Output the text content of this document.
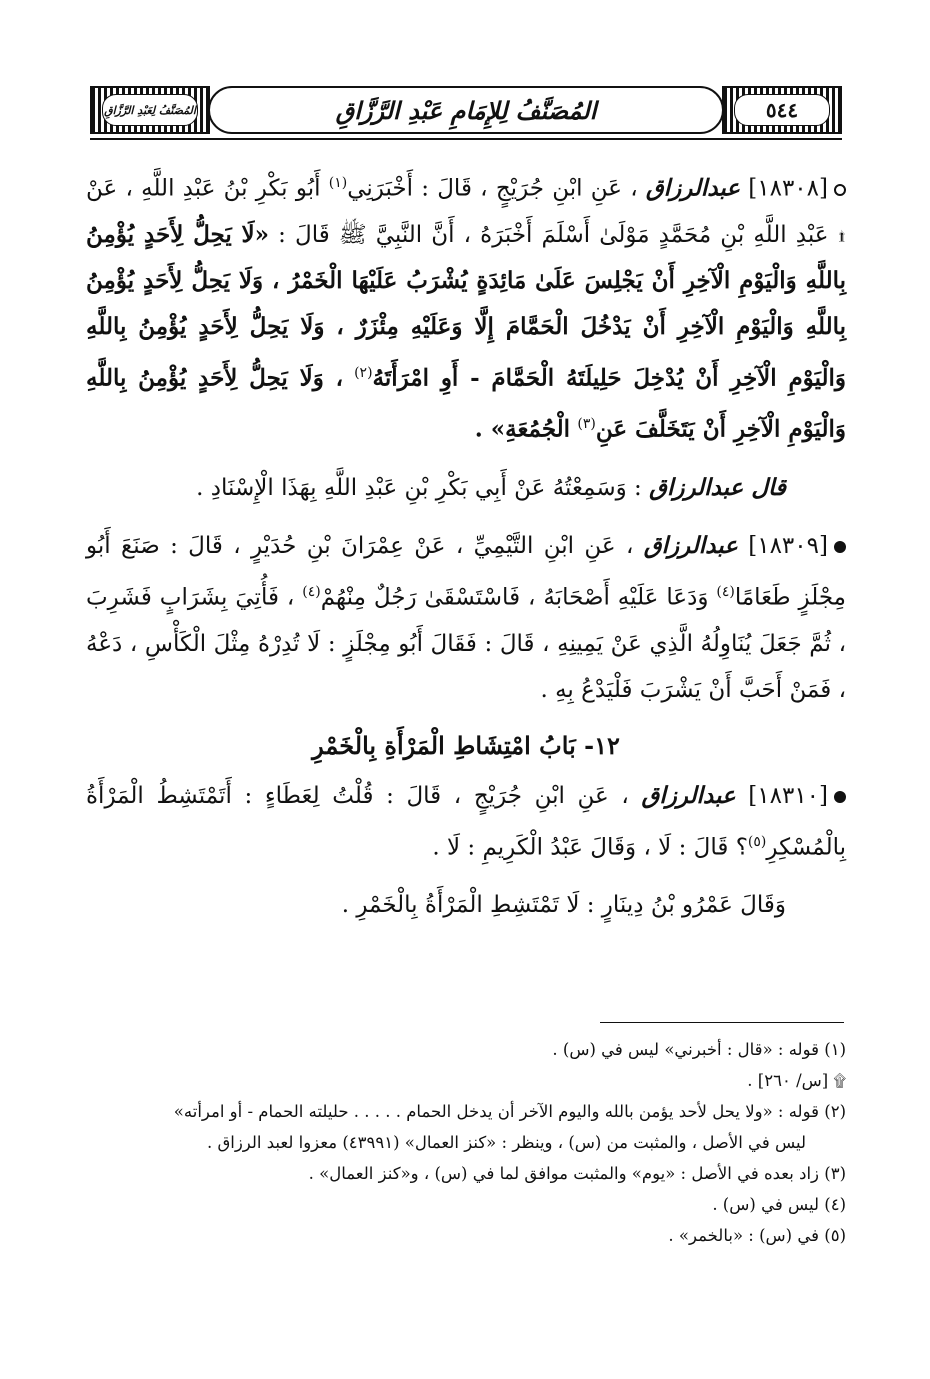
المُصَنَّفُ لِعَبْدِ الرَّزَّاقِ	المُصَنَّفُ لِلإِمَامِ عَبْدِ الرَّزَّاقِ	٥٤٤

[١٨٣٠٨] عبدالرزاق ، عَنِ ابْنِ جُرَيْجٍ ، قَالَ : أَخْبَرَنِي$^{(١)}$ أَبُو بَكْرِ بْنُ عَبْدِ اللَّهِ ، عَنْ ۩ عَبْدِ اللَّهِ بْنِ مُحَمَّدٍ مَوْلَىٰ أَسْلَمَ أَخْبَرَهُ ، أَنَّ النَّبِيَّ ﷺ قَالَ : «لَا يَحِلُّ لِأَحَدٍ يُؤْمِنُ بِاللَّهِ وَالْيَوْمِ الْآخِرِ أَنْ يَجْلِسَ عَلَىٰ مَائِدَةٍ يُشْرَبُ عَلَيْهَا الْخَمْرُ ، وَلَا يَحِلُّ لِأَحَدٍ يُؤْمِنُ بِاللَّهِ وَالْيَوْمِ الْآخِرِ أَنْ يَدْخُلَ الْحَمَّامَ إِلَّا وَعَلَيْهِ مِئْزَرٌ ، وَلَا يَحِلُّ لِأَحَدٍ يُؤْمِنُ بِاللَّهِ وَالْيَوْمِ الْآخِرِ أَنْ يُدْخِلَ حَلِيلَتَهُ الْحَمَّامَ - أَوِ امْرَأَتَهُ$^{(٢)}$ ، وَلَا يَحِلُّ لِأَحَدٍ يُؤْمِنُ بِاللَّهِ وَالْيَوْمِ الْآخِرِ أَنْ يَتَخَلَّفَ عَنِ$^{(٣)}$ الْجُمُعَةِ» .

قال عبدالرزاق : وَسَمِعْتُهُ عَنْ أَبِي بَكْرِ بْنِ عَبْدِ اللَّهِ بِهَذَا الْإِسْنَادِ .

[١٨٣٠٩] عبدالرزاق ، عَنِ ابْنِ التَّيْمِيِّ ، عَنْ عِمْرَانَ بْنِ حُدَيْرٍ ، قَالَ : صَنَعَ أَبُو مِجْلَزٍ طَعَامًا$^{(٤)}$ وَدَعَا عَلَيْهِ أَصْحَابَهُ ، فَاسْتَسْقَىٰ رَجُلٌ مِنْهُمْ$^{(٤)}$ ، فَأُتِيَ بِشَرَابٍ فَشَرِبَ ، ثُمَّ جَعَلَ يُنَاوِلُهُ الَّذِي عَنْ يَمِينِهِ ، قَالَ : فَقَالَ أَبُو مِجْلَزٍ : لَا تُدِرْهُ مِثْلَ الْكَأْسِ ، دَعْهُ ، فَمَنْ أَحَبَّ أَنْ يَشْرَبَ فَلْيَدْعُ بِهِ .

١٢- بَابُ امْتِشَاطِ الْمَرْأَةِ بِالْخَمْرِ

[١٨٣١٠] عبدالرزاق ، عَنِ ابْنِ جُرَيْجٍ ، قَالَ : قُلْتُ لِعَطَاءٍ : أَتَمْتَشِطُ الْمَرْأَةُ بِالْمُسْكِرِ$^{(٥)}$؟ قَالَ : لَا ، وَقَالَ عَبْدُ الْكَرِيمِ : لَا .

وَقَالَ عَمْرُو بْنُ دِينَارٍ : لَا تَمْتَشِطِ الْمَرْأَةُ بِالْخَمْرِ .

(١) قوله : «قال : أخبرني» ليس في (س) .

۩ [س/ ٢٦٠] .

(٢) قوله : «ولا يحل لأحد يؤمن بالله واليوم الآخر أن يدخل الحمام . . . . . حليلته الحمام - أو امرأته»

ليس في الأصل ، والمثبت من (س) ، وينظر : «كنز العمال» (٤٣٩٩١) معزوا لعبد الرزاق .

(٣) زاد بعده في الأصل : «يوم» والمثبت موافق لما في (س) ، و«كنز العمال» .

(٤) ليس في (س) .

(٥) في (س) : «بالخمر» .
